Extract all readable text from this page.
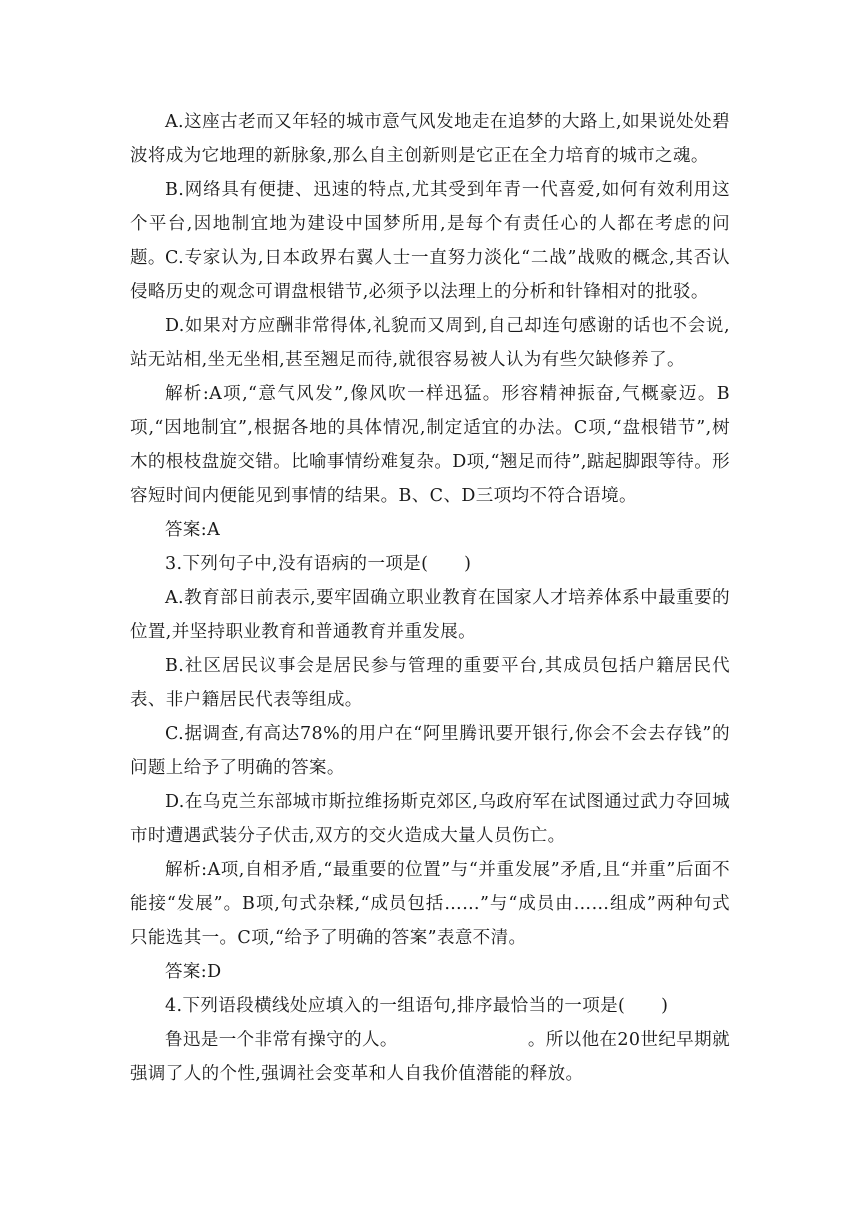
A.这座古老而又年轻的城市意气风发地走在追梦的大路上,如果说处处碧波将成为它地理的新脉象,那么自主创新则是它正在全力培育的城市之魂。

B.网络具有便捷、迅速的特点,尤其受到年青一代喜爱,如何有效利用这个平台,因地制宜地为建设中国梦所用,是每个有责任心的人都在考虑的问题。 C.专家认为,日本政界右翼人士一直努力淡化“二战”战败的概念,其否认侵略历史的观念可谓盘根错节,必须予以法理上的分析和针锋相对的批驳。

D.如果对方应酬非常得体,礼貌而又周到,自己却连句感谢的话也不会说,站无站相,坐无坐相,甚至翘足而待,就很容易被人认为有些欠缺修养了。

解析:A项,“意气风发”,像风吹一样迅猛。形容精神振奋,气概豪迈。B项,“因地制宜”,根据各地的具体情况,制定适宜的办法。C项,“盘根错节”,树木的根枝盘旋交错。比喻事情纷难复杂。D项,“翘足而待”,踮起脚跟等待。形容短时间内便能见到事情的结果。B、C、D三项均不符合语境。

答案:A

3.下列句子中,没有语病的一项是(　　)

A.教育部日前表示,要牢固确立职业教育在国家人才培养体系中最重要的位置,并坚持职业教育和普通教育并重发展。

B.社区居民议事会是居民参与管理的重要平台,其成员包括户籍居民代表、非户籍居民代表等组成。

C.据调查,有高达78%的用户在“阿里腾讯要开银行,你会不会去存钱”的问题上给予了明确的答案。

D.在乌克兰东部城市斯拉维扬斯克郊区,乌政府军在试图通过武力夺回城市时遭遇武装分子伏击,双方的交火造成大量人员伤亡。

解析:A项,自相矛盾,“最重要的位置”与“并重发展”矛盾,且“并重”后面不能接“发展”。B项,句式杂糅,“成员包括……”与“成员由……组成”两种句式只能选其一。C项,“给予了明确的答案”表意不清。

答案:D

4.下列语段横线处应填入的一组语句,排序最恰当的一项是(　　)

鲁迅是一个非常有操守的人。	。所以他在20世纪早期就强调了人的个性,强调社会变革和人自我价值潜能的释放。
